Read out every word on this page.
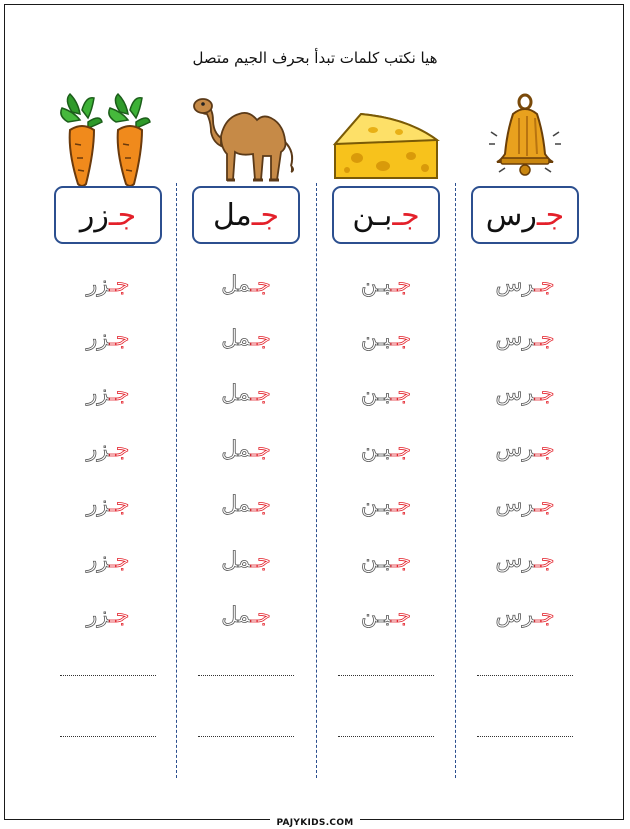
هيا نكتب كلمات تبدأ بحرف الجيم متصل
جـ
زر
جـزر
جـزر
جـزر
جـزر
جـزر
جـزر
جـزر
جـ
مل
جـمل
جـمل
جـمل
جـمل
جـمل
جـمل
جـمل
جـ
بـن
جـبـن
جـبـن
جـبـن
جـبـن
جـبـن
جـبـن
جـبـن
جـ
رس
جـرس
جـرس
جـرس
جـرس
جـرس
جـرس
جـرس
PAJYKIDS.COM
